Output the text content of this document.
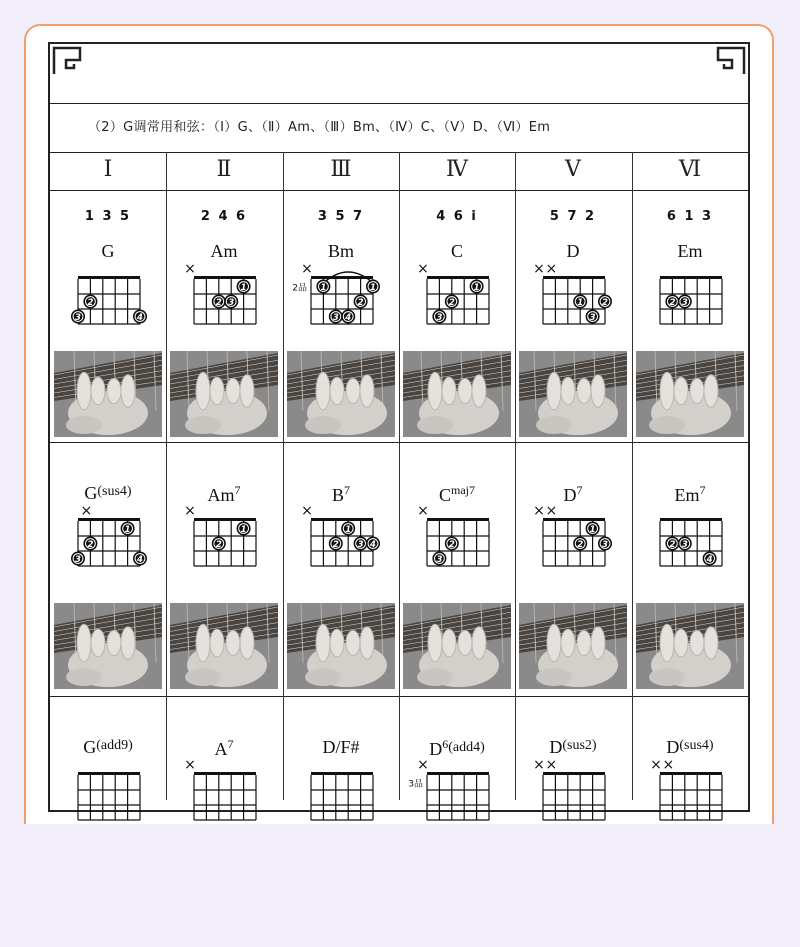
（2）G调常用和弦：（Ⅰ）G、（Ⅱ）Am、（Ⅲ）Bm、（Ⅳ）C、（Ⅴ）D、（Ⅵ）Em
Ⅰ	Ⅱ	Ⅲ	Ⅳ	Ⅴ	Ⅵ
1 3 5
G
2
3	4
2 4 6
Am
×
1
2 3
3 5 7
Bm
2品
×
1	1
2
3 4
4 6 i
C
×
1
2
3
5 7 2
D
× ×
1 2
3
6 1 3
Em
2 3
$G^{(sus4)}$
×
1
2
3	4
$Am^7$
×
1
2
$B^7$
×
1
2 3 4
$C^{maj7}$
×
2
3
$D^7$
× ×
1
2 3
Em$^7$
2 3
4
$G^{(add9)}$	$A^7$
×
D/F#	$D^{6(add4)}$
3品
×
$D^{(sus2)}$
× ×
$D^{(sus4)}$
× ×
